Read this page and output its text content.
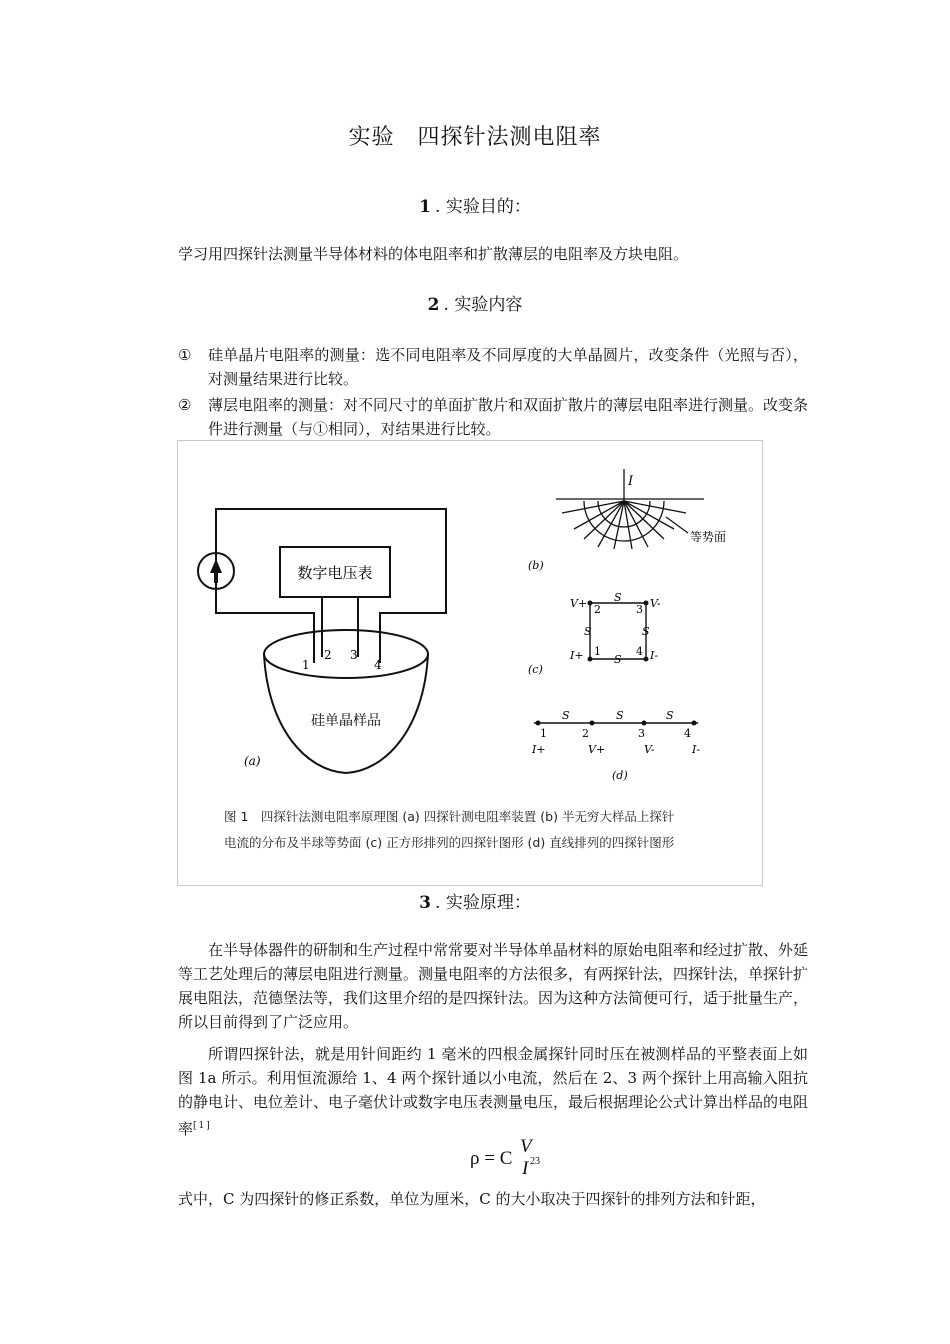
实验　四探针法测电阻率
1 . 实验目的：
学习用四探针法测量半导体材料的体电阻率和扩散薄层的电阻率及方块电阻。
2 . 实验内容
① 硅单晶片电阻率的测量：选不同电阻率及不同厚度的大单晶圆片，改变条件（光照与否），对测量结果进行比较。
② 薄层电阻率的测量：对不同尺寸的单面扩散片和双面扩散片的薄层电阻率进行测量。改变条件进行测量（与①相同），对结果进行比较。
数字电压表
硅单晶样品
1
2 3
4
(a)
I
等势面
(b)
V+	V-
I+	I-
2	3
1	4
S
S
S	S
(c)
S	S	S
1	2	3	4
I+	V+	V-	I-
(d)
图 1　四探针法测电阻率原理图 (a) 四探针测电阻率装置 (b) 半无穷大样品上探针
电流的分布及半球等势面 (c) 正方形排列的四探针图形 (d) 直线排列的四探针图形
3 . 实验原理：
在半导体器件的研制和生产过程中常常要对半导体单晶材料的原始电阻率和经过扩散、外延等工艺处理后的薄层电阻进行测量。测量电阻率的方法很多，有两探针法，四探针法，单探针扩展电阻法，范德堡法等，我们这里介绍的是四探针法。因为这种方法简便可行，适于批量生产，所以目前得到了广泛应用。
所谓四探针法，就是用针间距约 1 毫米的四根金属探针同时压在被测样品的平整表面上如图 1a 所示。利用恒流源给 1、4 两个探针通以小电流，然后在 2、3 两个探针上用高输入阻抗的静电计、电位差计、电子毫伏计或数字电压表测量电压，最后根据理论公式计算出样品的电阻率[1]
ρ = C
V
23
I
式中，C 为四探针的修正系数，单位为厘米，C 的大小取决于四探针的排列方法和针距，
